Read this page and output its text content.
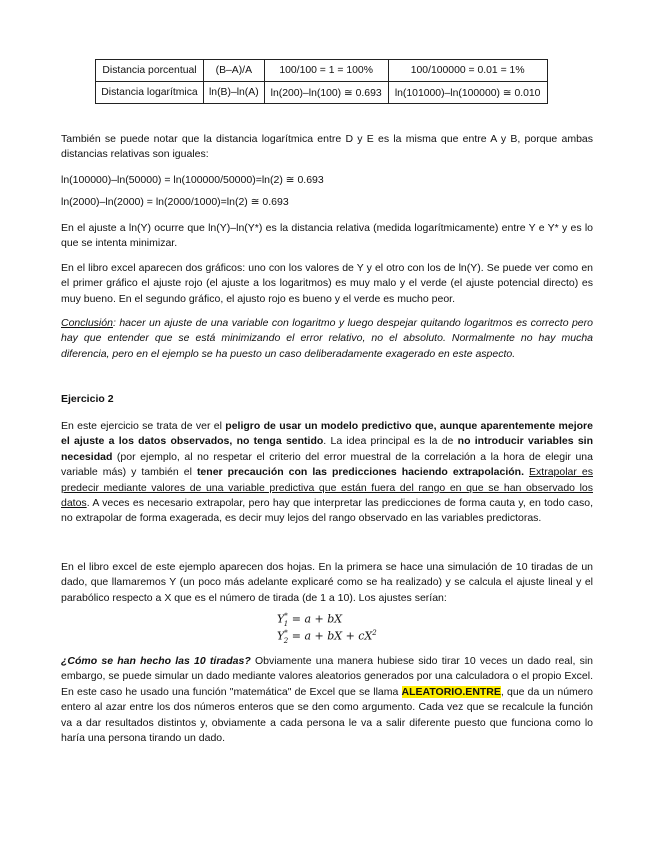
Distancia porcentual	(B–A)/A	100/100 = 1 = 100%	100/100000 = 0.01 = 1%
Distancia logarítmica	ln(B)–ln(A)	ln(200)–ln(100) ≅ 0.693	ln(101000)–ln(100000) ≅ 0.010
También se puede notar que la distancia logarítmica entre D y E es la misma que entre A y B, porque ambas distancias relativas son iguales:
ln(100000)–ln(50000) = ln(100000/50000)=ln(2) ≅ 0.693
ln(2000)–ln(2000) = ln(2000/1000)=ln(2) ≅ 0.693
En el ajuste a ln(Y) ocurre que ln(Y)–ln(Y*) es la distancia relativa (medida logarítmicamente) entre Y e Y* y es lo que se intenta minimizar.
En el libro excel aparecen dos gráficos: uno con los valores de Y y el otro con los de ln(Y). Se puede ver como en el primer gráfico el ajuste rojo (el ajuste a los logaritmos) es muy malo y el verde (el ajuste potencial directo) es muy bueno. En el segundo gráfico, el ajusto rojo es bueno y el verde es mucho peor.
Conclusión: hacer un ajuste de una variable con logaritmo y luego despejar quitando logaritmos es correcto pero hay que entender que se está minimizando el error relativo, no el absoluto. Normalmente no hay mucha diferencia, pero en el ejemplo se ha puesto un caso deliberadamente exagerado en este aspecto.
Ejercicio 2
En este ejercicio se trata de ver el peligro de usar un modelo predictivo que, aunque aparentemente mejore el ajuste a los datos observados, no tenga sentido. La idea principal es la de no introducir variables sin necesidad (por ejemplo, al no respetar el criterio del error muestral de la correlación a la hora de elegir una variable más) y también el tener precaución con las predicciones haciendo extrapolación. Extrapolar es predecir mediante valores de una variable predictiva que están fuera del rango en que se han observado los datos. A veces es necesario extrapolar, pero hay que interpretar las predicciones de forma cauta y, en todo caso, no extrapolar de forma exagerada, es decir muy lejos del rango observado en las variables predictoras.
En el libro excel de este ejemplo aparecen dos hojas. En la primera se hace una simulación de 10 tiradas de un dado, que llamaremos Y (un poco más adelante explicaré como se ha realizado) y se calcula el ajuste lineal y el parabólico respecto a X que es el número de tirada (de 1 a 10). Los ajustes serían:
$Y^*_1 = a$ + bX
$Y^*_2 = a$ + bX + $cX^2$
¿Cómo se han hecho las 10 tiradas? Obviamente una manera hubiese sido tirar 10 veces un dado real, sin embargo, se puede simular un dado mediante valores aleatorios generados por una calculadora o el propio Excel. En este caso he usado una función "matemática" de Excel que se llama ALEATORIO.ENTRE, que da un número entero al azar entre los dos números enteros que se den como argumento. Cada vez que se recalcule la función va a dar resultados distintos y, obviamente a cada persona le va a salir diferente puesto que funciona como lo haría una persona tirando un dado.
